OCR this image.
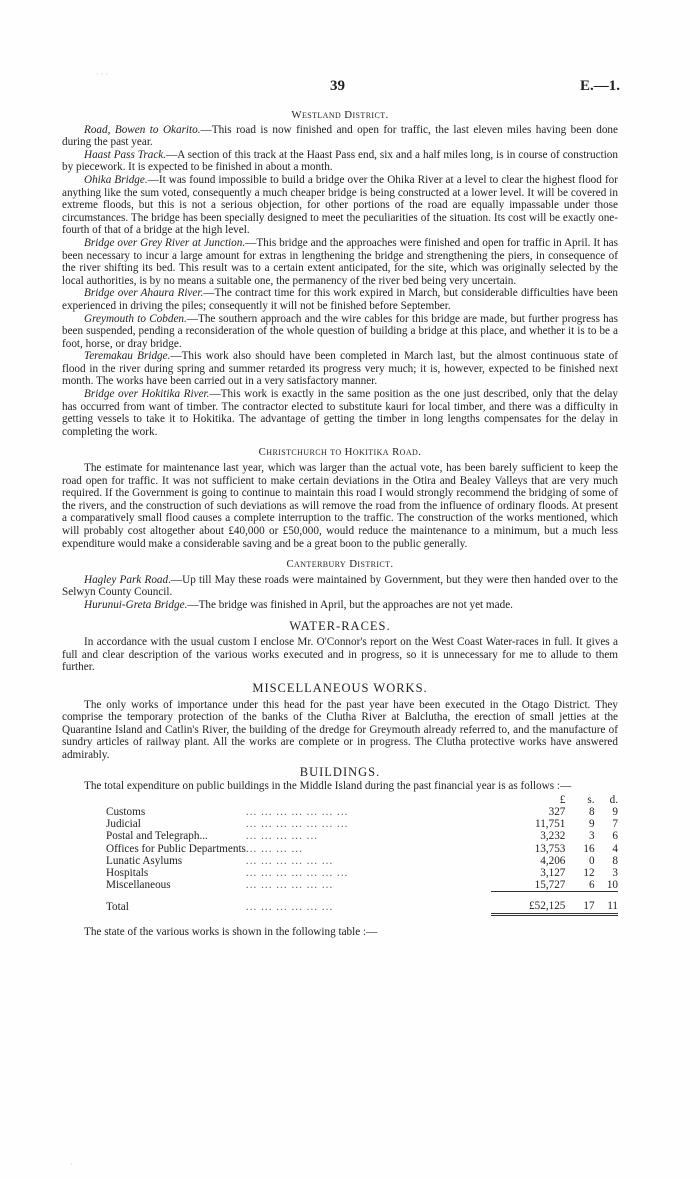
39	E.—1.

Westland District.

Road, Bowen to Okarito.—This road is now finished and open for traffic, the last eleven miles having been done during the past year.

Haast Pass Track.—A section of this track at the Haast Pass end, six and a half miles long, is in course of construction by piecework. It is expected to be finished in about a month.

Ohika Bridge.—It was found impossible to build a bridge over the Ohika River at a level to clear the highest flood for anything like the sum voted, consequently a much cheaper bridge is being constructed at a lower level. It will be covered in extreme floods, but this is not a serious objection, for other portions of the road are equally impassable under those circumstances. The bridge has been specially designed to meet the peculiarities of the situation. Its cost will be exactly one-fourth of that of a bridge at the high level.

Bridge over Grey River at Junction.—This bridge and the approaches were finished and open for traffic in April. It has been necessary to incur a large amount for extras in lengthening the bridge and strengthening the piers, in consequence of the river shifting its bed. This result was to a certain extent anticipated, for the site, which was originally selected by the local authorities, is by no means a suitable one, the permanency of the river bed being very uncertain.

Bridge over Ahaura River.—The contract time for this work expired in March, but considerable difficulties have been experienced in driving the piles; consequently it will not be finished before September.

Greymouth to Cobden.—The southern approach and the wire cables for this bridge are made, but further progress has been suspended, pending a reconsideration of the whole question of building a bridge at this place, and whether it is to be a foot, horse, or dray bridge.

Teremakau Bridge.—This work also should have been completed in March last, but the almost continuous state of flood in the river during spring and summer retarded its progress very much; it is, however, expected to be finished next month. The works have been carried out in a very satisfactory manner.

Bridge over Hokitika River.—This work is exactly in the same position as the one just described, only that the delay has occurred from want of timber. The contractor elected to substitute kauri for local timber, and there was a difficulty in getting vessels to take it to Hokitika. The advantage of getting the timber in long lengths compensates for the delay in completing the work.

Christchurch to Hokitika Road.

The estimate for maintenance last year, which was larger than the actual vote, has been barely sufficient to keep the road open for traffic. It was not sufficient to make certain deviations in the Otira and Bealey Valleys that are very much required. If the Government is going to continue to maintain this road I would strongly recommend the bridging of some of the rivers, and the construction of such deviations as will remove the road from the influence of ordinary floods. At present a comparatively small flood causes a complete interruption to the traffic. The construction of the works mentioned, which will probably cost altogether about £40,000 or £50,000, would reduce the maintenance to a minimum, but a much less expenditure would make a considerable saving and be a great boon to the public generally.

Canterbury District.

Hagley Park Road.—Up till May these roads were maintained by Government, but they were then handed over to the Selwyn County Council.

Hurunui-Greta Bridge.—The bridge was finished in April, but the approaches are not yet made.

WATER-RACES.

In accordance with the usual custom I enclose Mr. O'Connor's report on the West Coast Water-races in full. It gives a full and clear description of the various works executed and in progress, so it is unnecessary for me to allude to them further.

MISCELLANEOUS WORKS.

The only works of importance under this head for the past year have been executed in the Otago District. They comprise the temporary protection of the banks of the Clutha River at Balclutha, the erection of small jetties at the Quarantine Island and Catlin's River, the building of the dredge for Greymouth already referred to, and the manufacture of sundry articles of railway plant. All the works are complete or in progress. The Clutha protective works have answered admirably.

BUILDINGS.

The total expenditure on public buildings in the Middle Island during the past financial year is as follows :—

		£	s.	d.
Customs	... ... ... ... ... ... ...	327	8	9
Judicial	... ... ... ... ... ... ...	11,751	9	7
Postal and Telegraph...	... ... ... ... ...	3,232	3	6
Offices for Public Departments	... ... ... ...	13,753	16	4
Lunatic Asylums	... ... ... ... ... ...	4,206	0	8
Hospitals	... ... ... ... ... ... ...	3,127	12	3
Miscellaneous	... ... ... ... ... ...	15,727	6	10
Total	... ... ... ... ... ...	£52,125	17	11

The state of the various works is shown in the following table :—

· · ·
·
